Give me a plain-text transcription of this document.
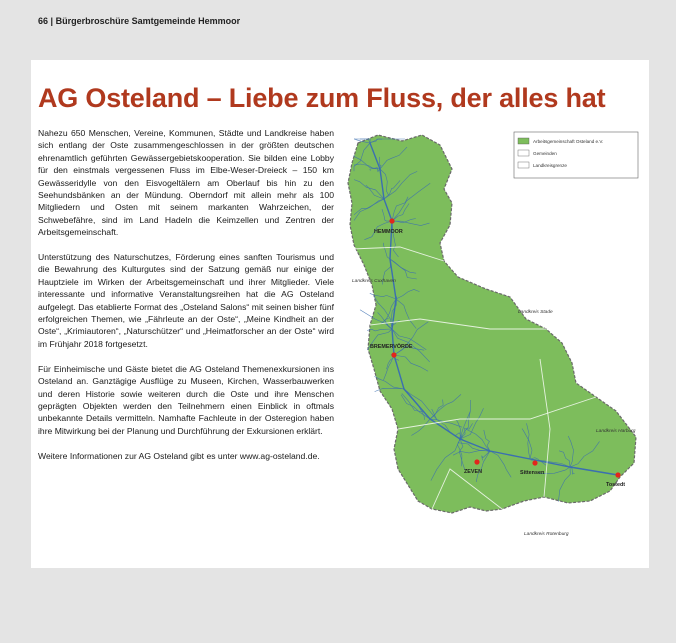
66 | Bürgerbroschüre Samtgemeinde Hemmoor
AG Osteland – Liebe zum Fluss, der alles hat

Nahezu 650 Menschen, Vereine, Kommunen, Städte und Landkreise haben sich entlang der Oste zusammengeschlossen in der größten deutschen ehrenamtlich geführten Gewässergebietskooperation. Sie bilden eine Lobby für den einstmals vergessenen Fluss im Elbe-Weser-Dreieck – 150 km Gewässeridylle von den Eisvogeltälern am Oberlauf bis hin zu den Seehundsbänken an der Mündung. Oberndorf mit allein mehr als 100 Mitgliedern und Osten mit seinem markanten Wahrzeichen, der Schwebefähre, sind im Land Hadeln die Keimzellen und Zentren der Arbeitsgemeinschaft.

Unterstützung des Naturschutzes, Förderung eines sanften Tourismus und die Bewahrung des Kulturgutes sind der Satzung gemäß nur einige der Hauptziele im Wirken der Arbeitsgemeinschaft und ihrer Mitglieder. Viele interessante und informative Veranstaltungsreihen hat die AG Osteland aufgelegt. Das etablierte Format des „Osteland Salons“ mit seinen bisher fünf erfolgreichen Themen, wie „Fährleute an der Oste“, „Meine Kindheit an der Oste“, „Krimiautoren“, „Naturschützer“ und „Heimatforscher an der Oste“ wird im Frühjahr 2018 fortgesetzt.

Für Einheimische und Gäste bietet die AG Osteland Themenexkursionen ins Osteland an. Ganztägige Ausflüge zu Museen, Kirchen, Wasserbauwerken und deren Historie sowie weiteren durch die Oste und ihre Menschen geprägten Objekten werden den Teilnehmern einen Einblick in oftmals unbekannte Details vermitteln. Namhafte Fachleute in der Osteregion haben ihre Mitwirkung bei der Planung und Durchführung der Exkursionen erklärt.

Weitere Informationen zur AG Osteland gibt es unter www.ag-osteland.de.

Arbeitsgemeinschaft Osteland e.V.
Gemeinden
Landkreisgrenze
HEMMOOR
BREMERVÖRDE
ZEVEN	Sittensen
Tostedt
Landkreis Cuxhaven
Landkreis Stade
Landkreis Harburg
Landkreis Rotenburg
